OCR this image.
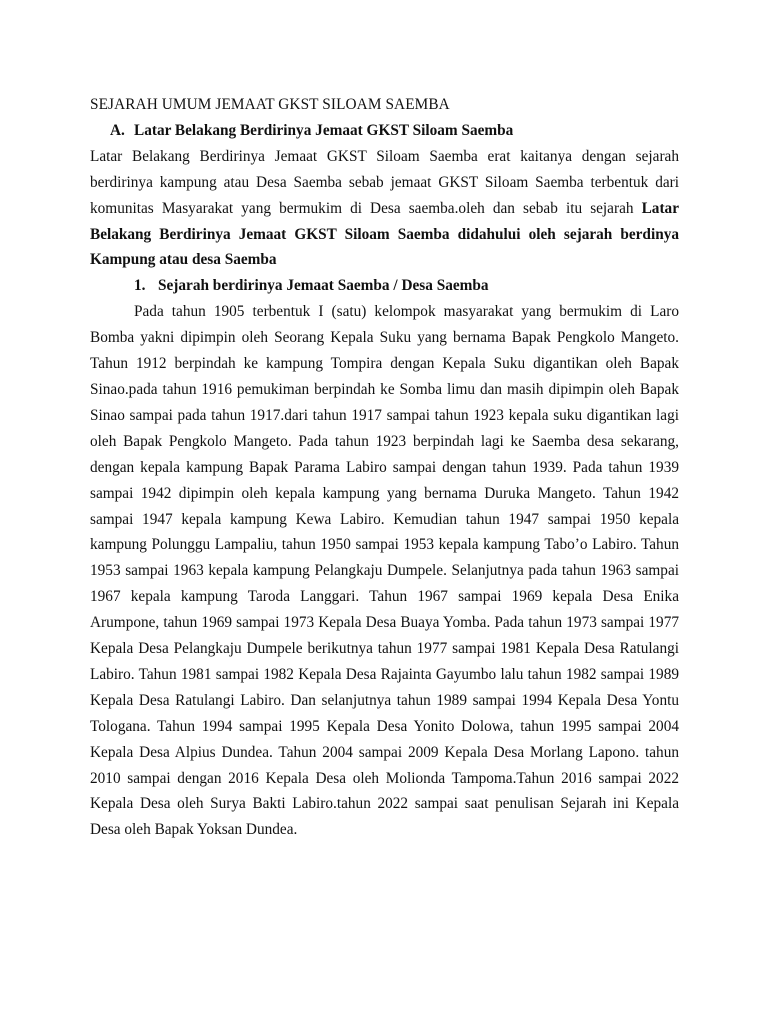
SEJARAH UMUM JEMAAT GKST SILOAM SAEMBA

A. Latar Belakang Berdirinya Jemaat GKST Siloam Saemba

Latar Belakang Berdirinya Jemaat GKST Siloam Saemba erat kaitanya dengan sejarah berdirinya kampung atau Desa Saemba sebab jemaat GKST Siloam Saemba terbentuk dari komunitas Masyarakat yang bermukim di Desa saemba.oleh dan sebab itu sejarah Latar Belakang Berdirinya Jemaat GKST Siloam Saemba didahului oleh sejarah berdinya Kampung atau desa Saemba

1. Sejarah berdirinya Jemaat Saemba / Desa Saemba

Pada tahun 1905 terbentuk I (satu) kelompok masyarakat yang bermukim di Laro Bomba yakni dipimpin oleh Seorang Kepala Suku yang bernama Bapak Pengkolo Mangeto. Tahun 1912 berpindah ke kampung Tompira dengan Kepala Suku digantikan oleh Bapak Sinao.pada tahun 1916 pemukiman berpindah ke Somba limu dan masih dipimpin oleh Bapak Sinao sampai pada tahun 1917.dari tahun 1917 sampai tahun 1923 kepala suku digantikan lagi oleh Bapak Pengkolo Mangeto. Pada tahun 1923 berpindah lagi ke Saemba desa sekarang, dengan kepala kampung Bapak Parama Labiro sampai dengan tahun 1939. Pada tahun 1939 sampai 1942 dipimpin oleh kepala kampung yang bernama Duruka Mangeto. Tahun 1942 sampai 1947 kepala kampung Kewa Labiro. Kemudian tahun 1947 sampai 1950 kepala kampung Polunggu Lampaliu, tahun 1950 sampai 1953 kepala kampung Tabo’o Labiro. Tahun 1953 sampai 1963 kepala kampung Pelangkaju Dumpele. Selanjutnya pada tahun 1963 sampai 1967 kepala kampung Taroda Langgari. Tahun 1967 sampai 1969 kepala Desa Enika Arumpone, tahun 1969 sampai 1973 Kepala Desa Buaya Yomba. Pada tahun 1973 sampai 1977 Kepala Desa Pelangkaju Dumpele berikutnya tahun 1977 sampai 1981 Kepala Desa Ratulangi Labiro. Tahun 1981 sampai 1982 Kepala Desa Rajainta Gayumbo lalu tahun 1982 sampai 1989 Kepala Desa Ratulangi Labiro. Dan selanjutnya tahun 1989 sampai 1994 Kepala Desa Yontu Tologana. Tahun 1994 sampai 1995 Kepala Desa Yonito Dolowa, tahun 1995 sampai 2004 Kepala Desa Alpius Dundea. Tahun 2004 sampai 2009 Kepala Desa Morlang Lapono. tahun 2010 sampai dengan 2016 Kepala Desa oleh Molionda Tampoma.Tahun 2016 sampai 2022 Kepala Desa oleh Surya Bakti Labiro.tahun 2022 sampai saat penulisan Sejarah ini Kepala Desa oleh Bapak Yoksan Dundea.
